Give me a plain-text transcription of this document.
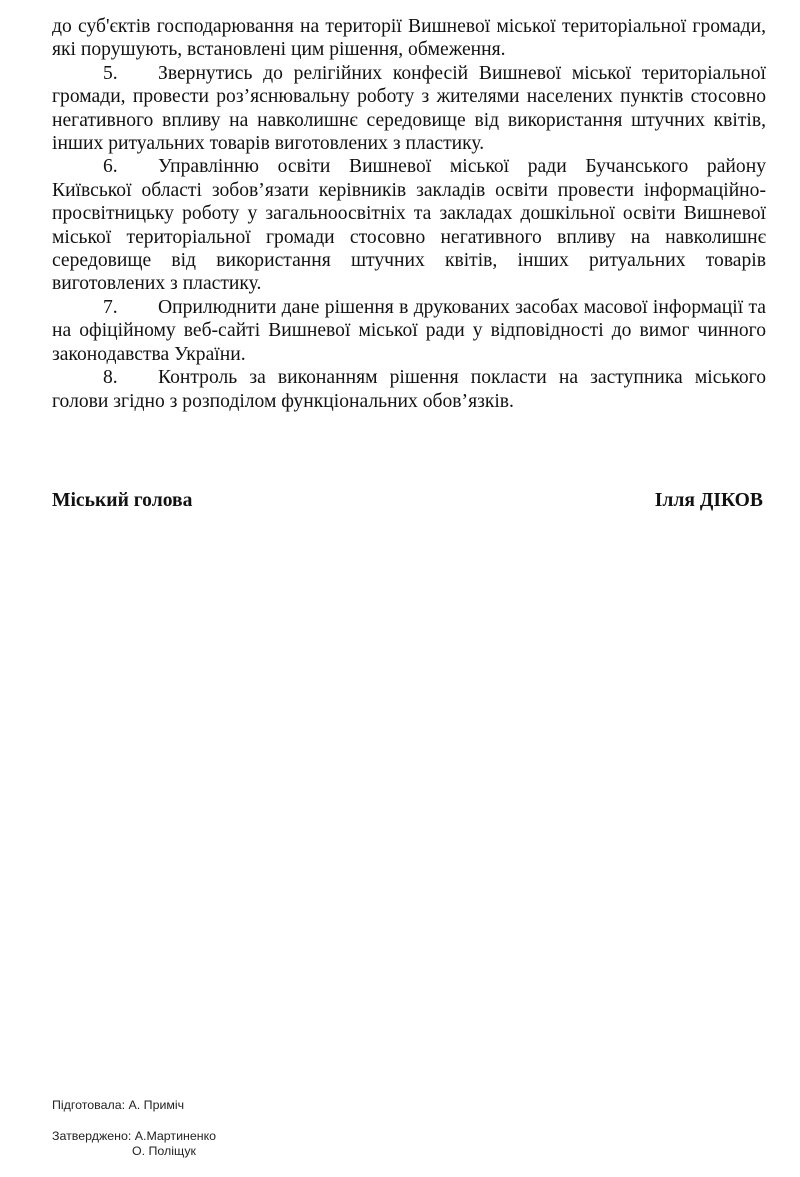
до суб'єктів господарювання на території Вишневої міської територіальної громади, які порушують, встановлені цим рішення, обмеження.

5. Звернутись до релігійних конфесій Вишневої міської територіальної громади, провести роз’яснювальну роботу з жителями населених пунктів стосовно негативного впливу на навколишнє середовище від використання штучних квітів, інших ритуальних товарів виготовлених з пластику.

6. Управлінню освіти Вишневої міської ради Бучанського району Київської області зобов’язати керівників закладів освіти провести інформаційно-просвітницьку роботу у загальноосвітніх та закладах дошкільної освіти Вишневої міської територіальної громади стосовно негативного впливу на навколишнє середовище від використання штучних квітів, інших ритуальних товарів виготовлених з пластику.

7. Оприлюднити дане рішення в друкованих засобах масової інформації та на офіційному веб-сайті Вишневої міської ради у відповідності до вимог чинного законодавства України.

8. Контроль за виконанням рішення покласти на заступника міського голови згідно з розподілом функціональних обов’язків.

Міський голова	Ілля ДІКОВ
Підготовала: А. Приміч
Затверджено: А.Мартиненко
О. Поліщук
